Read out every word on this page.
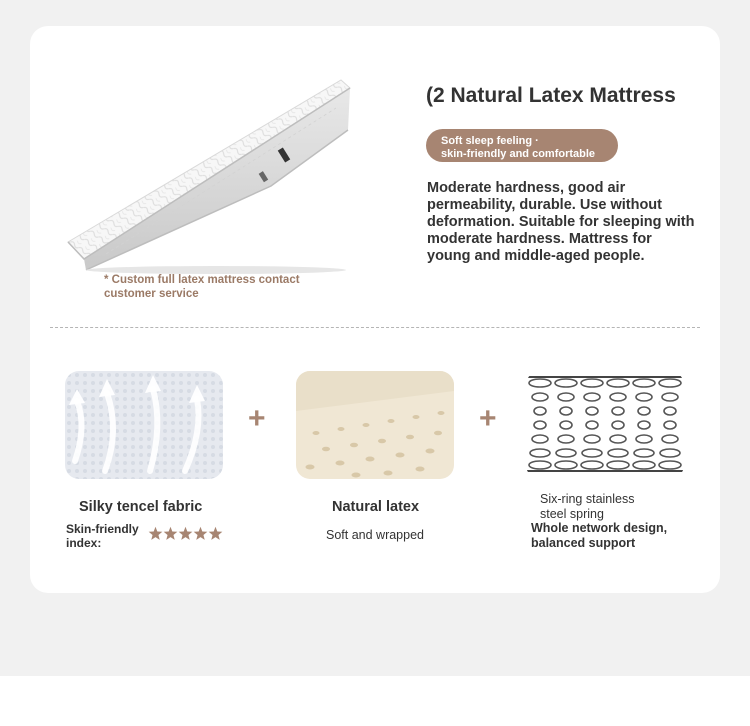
* Custom full latex mattress contact customer service
(2 Natural Latex Mattress
Soft sleep feeling ·
skin-friendly and comfortable
Moderate hardness, good air permeability, durable. Use without deformation. Suitable for sleeping with moderate hardness. Mattress for young and middle-aged people.
+	+
Silky tencel fabric
Skin-friendly index:
Natural latex
Soft and wrapped
Six-ring stainless
steel spring
Whole network design, balanced support
